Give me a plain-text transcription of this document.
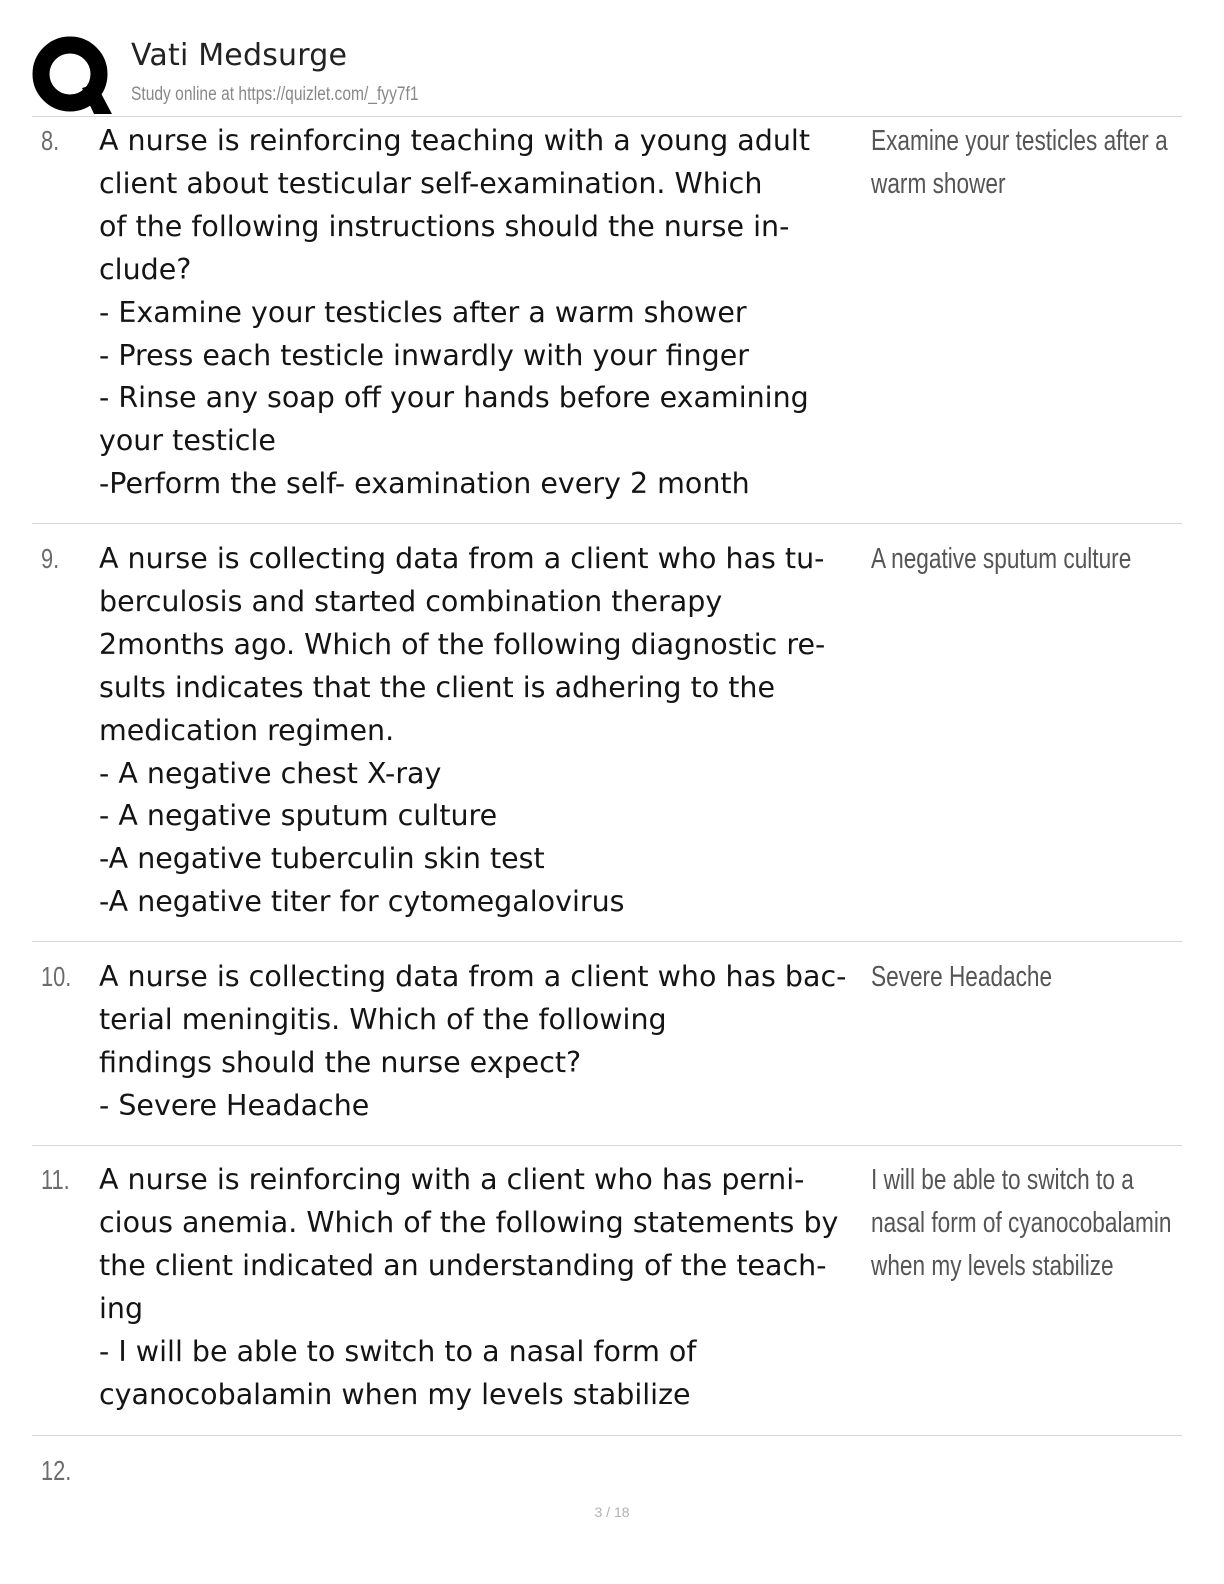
Vati Medsurge
Study online at https://quizlet.com/_fyy7f1
8. A nurse is reinforcing teaching with a young adult
client about testicular self-examination. Which
of the following instructions should the nurse in-
clude?
- Examine your testicles after a warm shower
- Press each testicle inwardly with your finger
- Rinse any soap off your hands before examining
your testicle
-Perform the self- examination every 2 month
Examine your testicles after a
warm shower
9. A nurse is collecting data from a client who has tu-
berculosis and started combination therapy
2months ago. Which of the following diagnostic re-
sults indicates that the client is adhering to the
medication regimen.
- A negative chest X-ray
- A negative sputum culture
-A negative tuberculin skin test
-A negative titer for cytomegalovirus
A negative sputum culture
10. A nurse is collecting data from a client who has bac-
terial meningitis. Which of the following
findings should the nurse expect?
- Severe Headache
Severe Headache
11. A nurse is reinforcing with a client who has perni-
cious anemia. Which of the following statements by
the client indicated an understanding of the teach-
ing
- I will be able to switch to a nasal form of
cyanocobalamin when my levels stabilize
I will be able to switch to a
nasal form of cyanocobalamin
when my levels stabilize
12.
3 / 18
